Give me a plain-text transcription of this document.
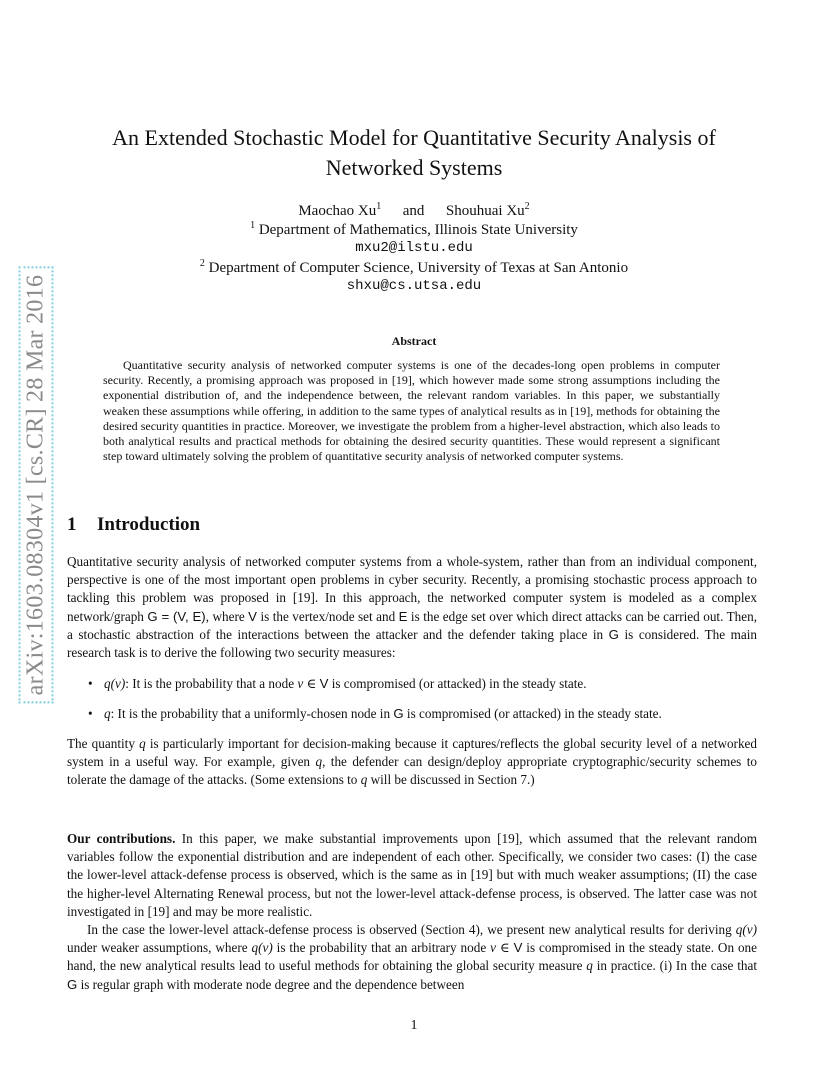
arXiv:1603.08304v1 [cs.CR] 28 Mar 2016
An Extended Stochastic Model for Quantitative Security Analysis of
Networked Systems
Maochao Xu$^1$ and Shouhuai Xu$^2$
$^1$ Department of Mathematics, Illinois State University
mxu2@ilstu.edu
$^2$ Department of Computer Science, University of Texas at San Antonio
shxu@cs.utsa.edu
Abstract
Quantitative security analysis of networked computer systems is one of the decades-long open problems in computer security. Recently, a promising approach was proposed in [19], which however made some strong assumptions including the exponential distribution of, and the independence between, the relevant random variables. In this paper, we substantially weaken these assumptions while offering, in addition to the same types of analytical results as in [19], methods for obtaining the desired security quantities in practice. Moreover, we investigate the problem from a higher-level abstraction, which also leads to both analytical results and practical methods for obtaining the desired security quantities. These would represent a significant step toward ultimately solving the problem of quantitative security analysis of networked computer systems.
1 Introduction
Quantitative security analysis of networked computer systems from a whole-system, rather than from an individual component, perspective is one of the most important open problems in cyber security. Recently, a promising stochastic process approach to tackling this problem was proposed in [19]. In this approach, the networked computer system is modeled as a complex network/graph G = (V, E), where V is the vertex/node set and E is the edge set over which direct attacks can be carried out. Then, a stochastic abstraction of the interactions between the attacker and the defender taking place in G is considered. The main research task is to derive the following two security measures:
• q(v): It is the probability that a node v ∈ V is compromised (or attacked) in the steady state.
• q: It is the probability that a uniformly-chosen node in G is compromised (or attacked) in the steady state.
The quantity q is particularly important for decision-making because it captures/reflects the global security level of a networked system in a useful way. For example, given q, the defender can design/deploy appropriate cryptographic/security schemes to tolerate the damage of the attacks. (Some extensions to q will be discussed in Section 7.)
Our contributions. In this paper, we make substantial improvements upon [19], which assumed that the relevant random variables follow the exponential distribution and are independent of each other. Specifically, we consider two cases: (I) the case the lower-level attack-defense process is observed, which is the same as in [19] but with much weaker assumptions; (II) the case the higher-level Alternating Renewal process, but not the lower-level attack-defense process, is observed. The latter case was not investigated in [19] and may be more realistic.
In the case the lower-level attack-defense process is observed (Section 4), we present new analytical results for deriving q(v) under weaker assumptions, where q(v) is the probability that an arbitrary node v ∈ V is compromised in the steady state. On one hand, the new analytical results lead to useful methods for obtaining the global security measure q in practice. (i) In the case that G is regular graph with moderate node degree and the dependence between
1
